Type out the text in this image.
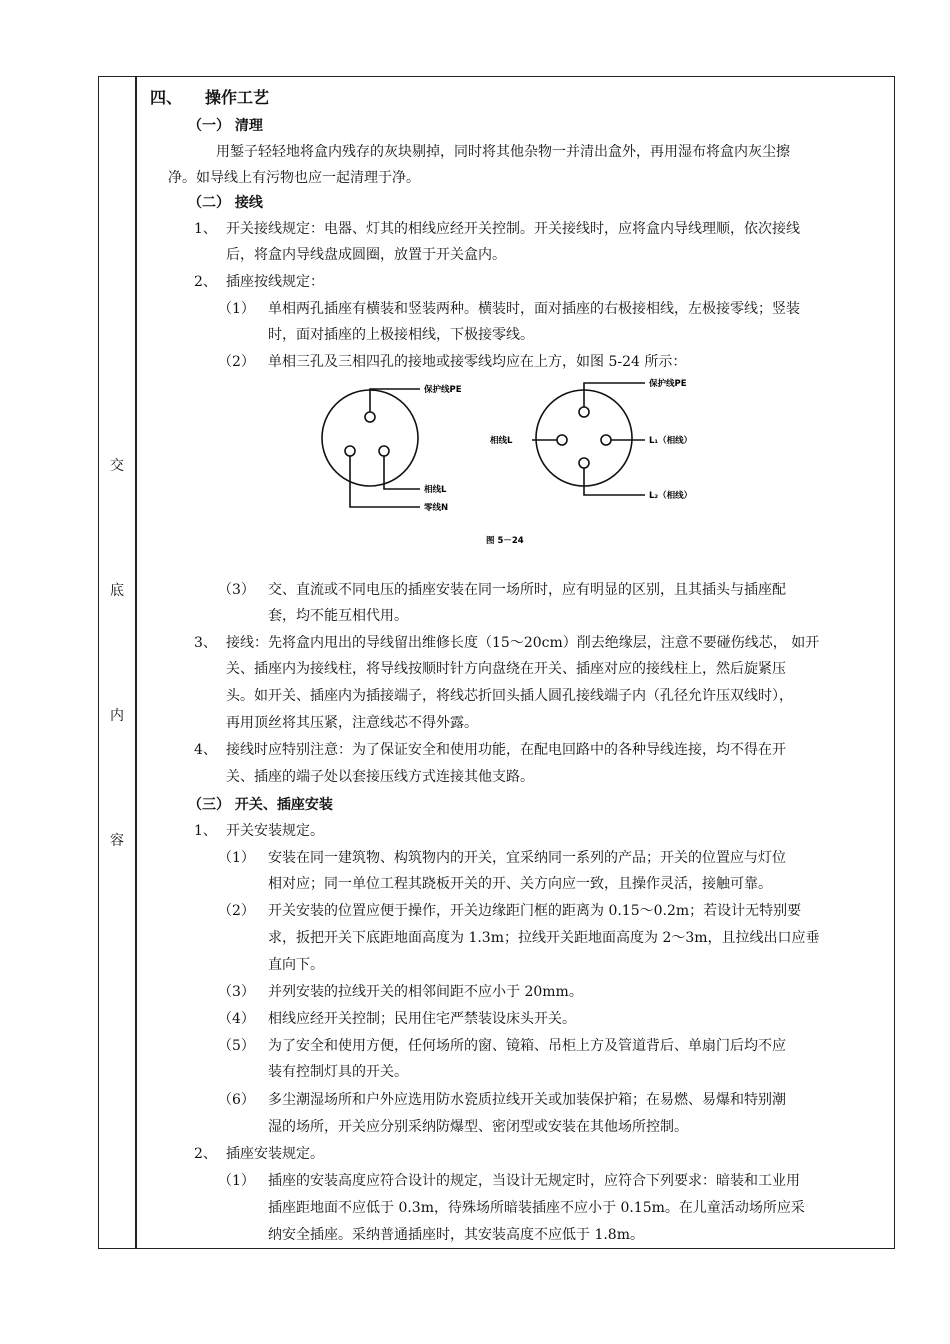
交
底
内
容
四、 操作工艺
（一） 清理
用錾子轻轻地将盒内残存的灰块剔掉，同时将其他杂物一并清出盒外，再用湿布将盒内灰尘擦
净。如导线上有污物也应一起清理于净。
（二） 接线
1、 开关接线规定：电器、灯其的相线应经开关控制。开关接线时，应将盒内导线理顺，依次接线
后，将盒内导线盘成圆圈，放置于开关盒内。
2、 插座按线规定：
（1） 单相两孔插座有横装和竖装两种。横装时，面对插座的右极接相线，左极接零线；竖装
时，面对插座的上极接相线，下极接零线。
（2） 单相三孔及三相四孔的接地或接零线均应在上方，如图 5-24 所示：
保护线PE
相线L
零线N
保护线PE
相线L	L₁（相线）
L₂（相线）
图 5－24
（3） 交、直流或不同电压的插座安装在同一场所时，应有明显的区别，且其插头与插座配
套，均不能互相代用。
3、 接线：先将盒内甩出的导线留出维修长度（15～20cm）削去绝缘层，注意不要碰伤线芯， 如开
关、插座内为接线柱，将导线按顺时针方向盘绕在开关、插座对应的接线柱上，然后旋紧压
头。如开关、插座内为插接端子，将线芯折回头插人圆孔接线端子内（孔径允许压双线时），
再用顶丝将其压紧，注意线芯不得外露。
4、 接线时应特别注意：为了保证安全和使用功能，在配电回路中的各种导线连接，均不得在开
关、插座的端子处以套接压线方式连接其他支路。
（三） 开关、插座安装
1、 开关安装规定。
（1） 安装在同一建筑物、构筑物内的开关，宜采纳同一系列的产品；开关的位置应与灯位
相对应；同一单位工程其跷板开关的开、关方向应一致，且操作灵活，接触可靠。
（2） 开关安装的位置应便于操作，开关边缘距门框的距离为 0.15～0.2m；若设计无特别要
求，扳把开关下底距地面高度为 1.3m；拉线开关距地面高度为 2～3m，且拉线出口应垂
直向下。
（3） 并列安装的拉线开关的相邻间距不应小于 20mm。
（4） 相线应经开关控制；民用住宅严禁装设床头开关。
（5） 为了安全和使用方便，任何场所的窗、镜箱、吊柜上方及管道背后、单扇门后均不应
装有控制灯具的开关。
（6） 多尘潮湿场所和户外应选用防水瓷质拉线开关或加装保护箱；在易燃、易爆和特别潮
湿的场所，开关应分别采纳防爆型、密闭型或安装在其他场所控制。
2、 插座安装规定。
（1） 插座的安装高度应符合设计的规定，当设计无规定时，应符合下列要求：暗装和工业用
插座距地面不应低于 0.3m，待殊场所暗装插座不应小于 0.15m。在儿童活动场所应采
纳安全插座。采纳普通插座时，其安装高度不应低于 1.8m。
